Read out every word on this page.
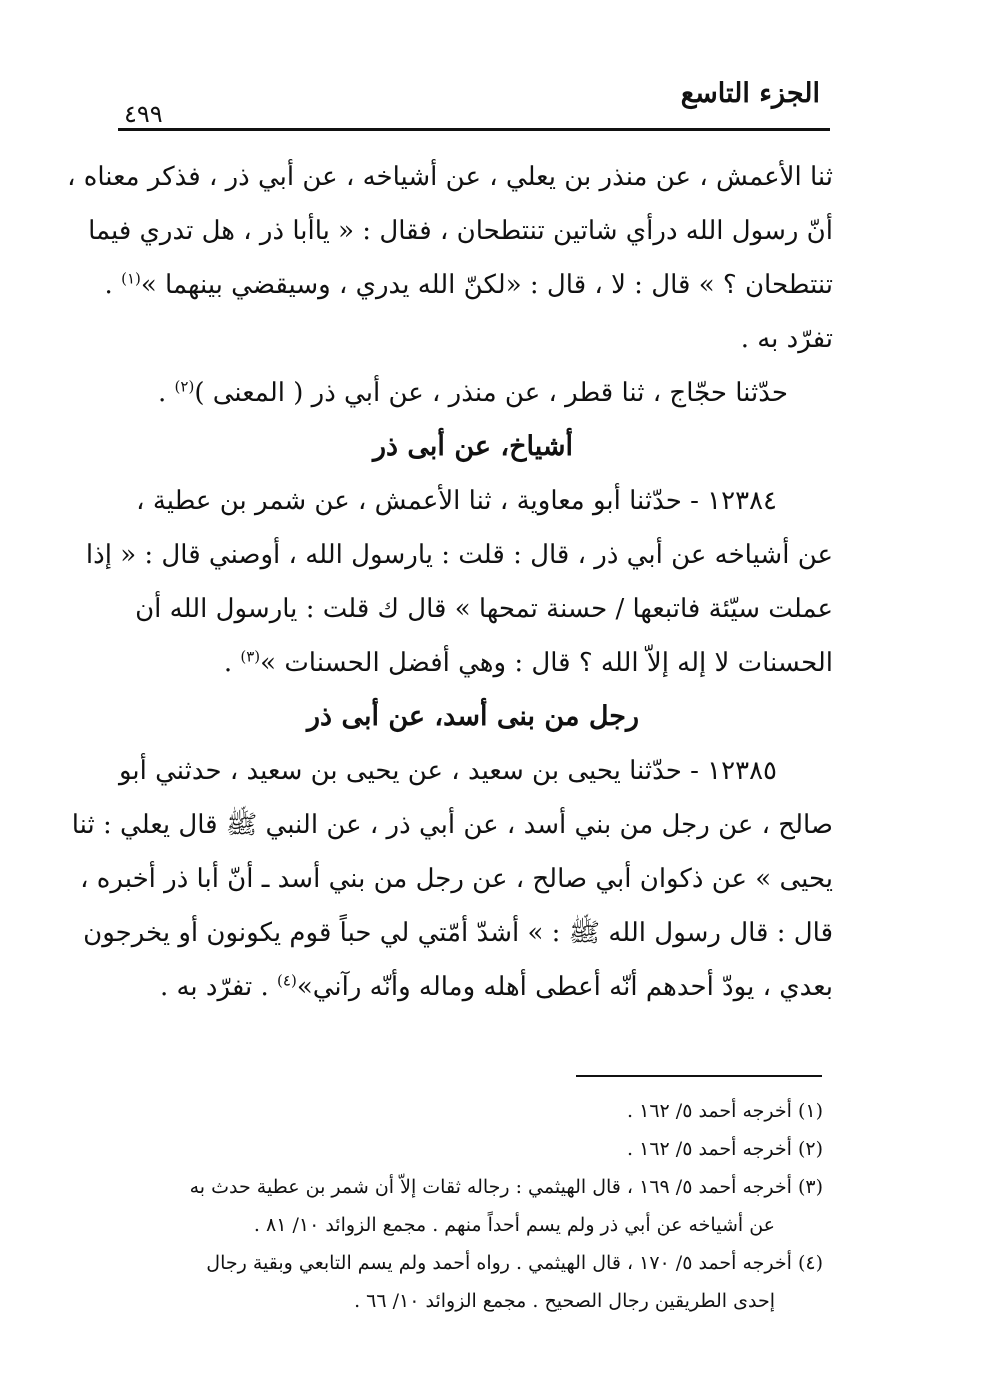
الجزء التاسع
٤٩٩
ثنا الأعمش ، عن منذر بن يعلي ، عن أشياخه ، عن أبي ذر ، فذكر معناه ،
أنّ رسول الله درأي شاتين تنتطحان ، فقال : « ياأبا ذر ، هل تدري فيما
تنتطحان ؟ » قال : لا ، قال : «لكنّ الله يدري ، وسيقضي بينهما »$^{(١)}$ .
تفرّد به .
حدّثنا حجّاج ، ثنا قطر ، عن منذر ، عن أبي ذر ( المعنى )$^{(٢)}$ .
أشياخ، عن أبى ذر
١٢٣٨٤ - حدّثنا أبو معاوية ، ثنا الأعمش ، عن شمر بن عطية ،
عن أشياخه عن أبي ذر ، قال : قلت : يارسول الله ، أوصني قال : « إذا
عملت سيّئة فاتبعها / حسنة تمحها » قال ك قلت : يارسول الله أن
الحسنات لا إله إلاّ الله ؟ قال : وهي أفضل الحسنات »$^{(٣)}$ .
رجل من بنى أسد، عن أبى ذر
١٢٣٨٥ - حدّثنا يحيى بن سعيد ، عن يحيى بن سعيد ، حدثني أبو
صالح ، عن رجل من بني أسد ، عن أبي ذر ، عن النبي ﷺ قال يعلي : ثنا
يحيى » عن ذكوان أبي صالح ، عن رجل من بني أسد ـ أنّ أبا ذر أخبره ،
قال : قال رسول الله ﷺ : » أشدّ أمّتي لي حباً قوم يكونون أو يخرجون
بعدي ، يودّ أحدهم أنّه أعطى أهله وماله وأنّه رآني»$^{(٤)}$ . تفرّد به .
(١) أخرجه أحمد ٥/ ١٦٢ .
(٢) أخرجه أحمد ٥/ ١٦٢ .
(٣) أخرجه أحمد ٥/ ١٦٩ ، قال الهيثمي : رجاله ثقات إلاّ أن شمر بن عطية حدث به
عن أشياخه عن أبي ذر ولم يسم أحداً منهم . مجمع الزوائد ١٠/ ٨١ .
(٤) أخرجه أحمد ٥/ ١٧٠ ، قال الهيثمي . رواه أحمد ولم يسم التابعي وبقية رجال
إحدى الطريقين رجال الصحيح . مجمع الزوائد ١٠/ ٦٦ .
